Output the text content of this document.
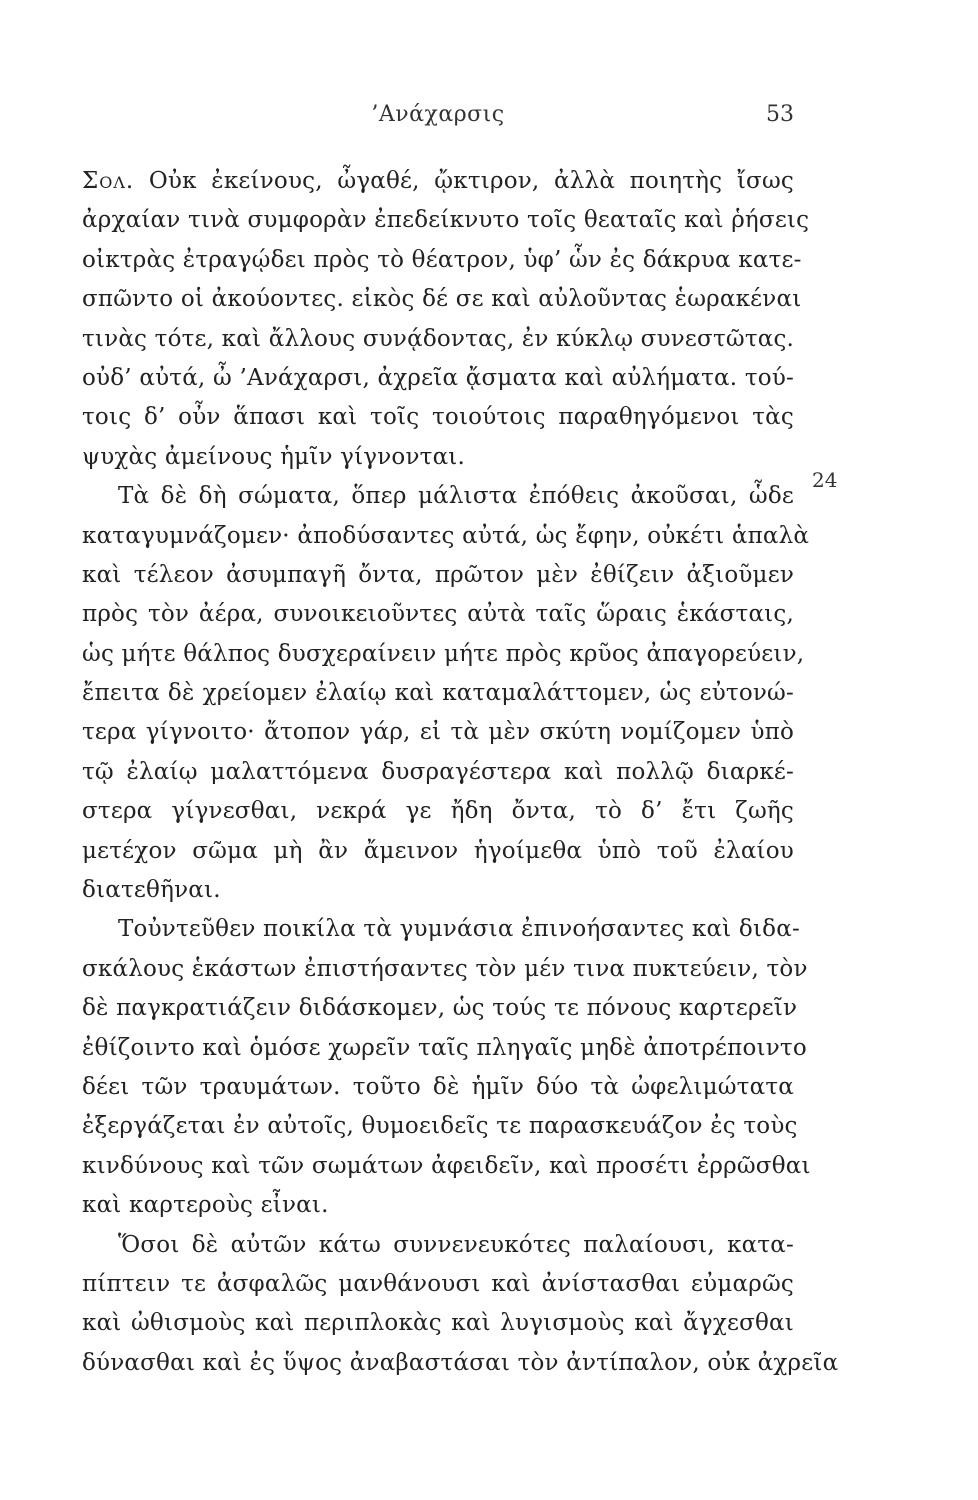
’Ανάχαρσις	53
Σολ. Οὐκ ἐκείνους, ὦγαθέ, ᾤκτιρον, ἀλλὰ ποιητὴς ἴσως
ἀρχαίαν τινὰ συμφορὰν ἐπεδείκνυτο τοῖς θεαταῖς καὶ ῥήσεις
οἰκτρὰς ἐτραγῴδει πρὸς τὸ θέατρον, ὑφ’ ὧν ἐς δάκρυα κατε-
σπῶντο οἱ ἀκούοντες. εἰκὸς δέ σε καὶ αὐλοῦντας ἑωρακέναι
τινὰς τότε, καὶ ἄλλους συνᾴδοντας, ἐν κύκλῳ συνεστῶτας.
οὐδ’ αὐτά, ὦ ’Ανάχαρσι, ἀχρεῖα ᾄσματα καὶ αὐλήματα. τού-
τοις δ’ οὖν ἅπασι καὶ τοῖς τοιούτοις παραθηγόμενοι τὰς
ψυχὰς ἀμείνους ἡμῖν γίγνονται.
Τὰ δὲ δὴ σώματα, ὅπερ μάλιστα ἐπόθεις ἀκοῦσαι, ὧδε
καταγυμνάζομεν· ἀποδύσαντες αὐτά, ὡς ἔφην, οὐκέτι ἁπαλὰ
καὶ τέλεον ἀσυμπαγῆ ὄντα, πρῶτον μὲν ἐθίζειν ἀξιοῦμεν
πρὸς τὸν ἀέρα, συνοικειοῦντες αὐτὰ ταῖς ὥραις ἑκάσταις,
ὡς μήτε θάλπος δυσχεραίνειν μήτε πρὸς κρῦος ἀπαγορεύειν,
ἔπειτα δὲ χρείομεν ἐλαίῳ καὶ καταμαλάττομεν, ὡς εὐτονώ-
τερα γίγνοιτο· ἄτοπον γάρ, εἰ τὰ μὲν σκύτη νομίζομεν ὑπὸ
τῷ ἐλαίῳ μαλαττόμενα δυσραγέστερα καὶ πολλῷ διαρκέ-
στερα γίγνεσθαι, νεκρά γε ἤδη ὄντα, τὸ δ’ ἔτι ζωῆς
μετέχον σῶμα μὴ ἂν ἄμεινον ἡγοίμεθα ὑπὸ τοῦ ἐλαίου
διατεθῆναι.
Τοὐντεῦθεν ποικίλα τὰ γυμνάσια ἐπινοήσαντες καὶ διδα-
σκάλους ἑκάστων ἐπιστήσαντες τὸν μέν τινα πυκτεύειν, τὸν
δὲ παγκρατιάζειν διδάσκομεν, ὡς τούς τε πόνους καρτερεῖν
ἐθίζοιντο καὶ ὁμόσε χωρεῖν ταῖς πληγαῖς μηδὲ ἀποτρέποιντο
δέει τῶν τραυμάτων. τοῦτο δὲ ἡμῖν δύο τὰ ὠφελιμώτατα
ἐξεργάζεται ἐν αὐτοῖς, θυμοειδεῖς τε παρασκευάζον ἐς τοὺς
κινδύνους καὶ τῶν σωμάτων ἀφειδεῖν, καὶ προσέτι ἐρρῶσθαι
καὶ καρτεροὺς εἶναι.
Ὅσοι δὲ αὐτῶν κάτω συννενευκότες παλαίουσι, κατα-
πίπτειν τε ἀσφαλῶς μανθάνουσι καὶ ἀνίστασθαι εὐμαρῶς
καὶ ὠθισμοὺς καὶ περιπλοκὰς καὶ λυγισμοὺς καὶ ἄγχεσθαι
δύνασθαι καὶ ἐς ὕψος ἀναβαστάσαι τὸν ἀντίπαλον, οὐκ ἀχρεῖα
24
